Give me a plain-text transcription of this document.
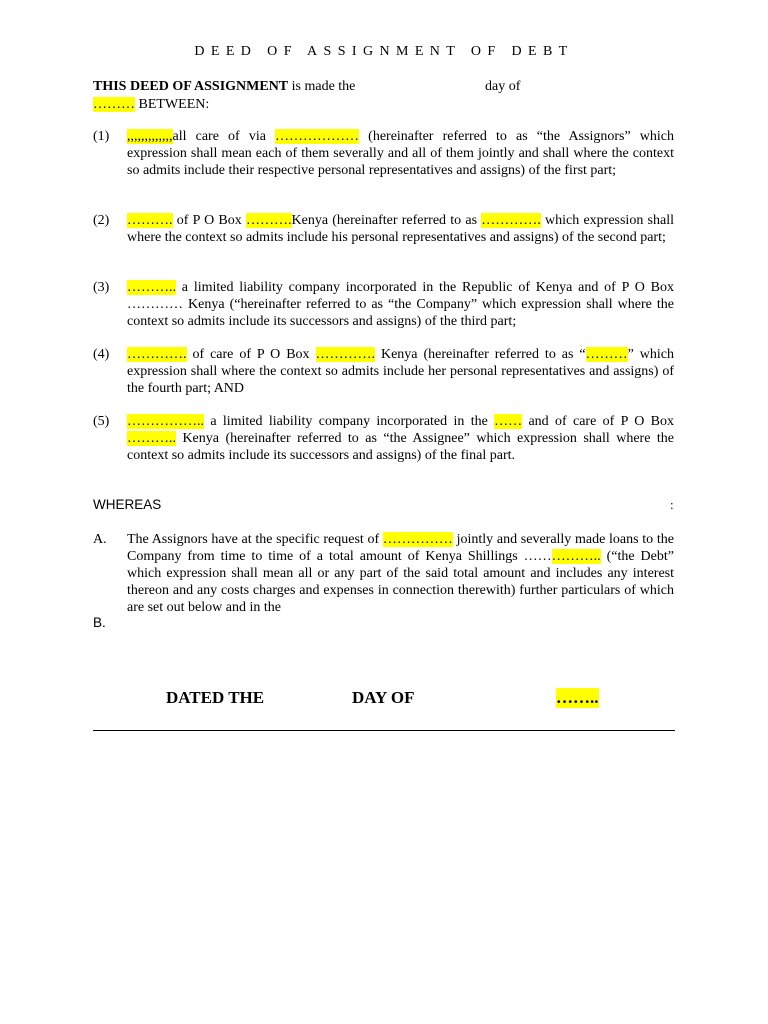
DEED OF ASSIGNMENT OF DEBT
THIS DEED OF ASSIGNMENT is made the	day of
……… BETWEEN:
(1) ,,,,,,,,,,,,,all care of via ……………… (hereinafter referred to as “the Assignors” which expression shall mean each of them severally and all of them jointly and shall where the context so admits include their respective personal representatives and assigns) of the first part;
(2) ………. of P O Box ……….Kenya (hereinafter referred to as …………. which expression shall where the context so admits include his personal representatives and assigns) of the second part;
(3) ……….. a limited liability company incorporated in the Republic of Kenya and of P O Box ………… Kenya (“hereinafter referred to as “the Company” which expression shall where the context so admits include its successors and assigns) of the third part;
(4) …………. of care of P O Box …………. Kenya (hereinafter referred to as “………” which expression shall where the context so admits include her personal representatives and assigns) of the fourth part; AND
(5) …………….. a limited liability company incorporated in the …… and of care of P O Box ……….. Kenya (hereinafter referred to as “the Assignee” which expression shall where the context so admits include its successors and assigns) of the final part.
WHEREAS	:
A. The Assignors have at the specific request of …………… jointly and severally made loans to the Company from time to time of a total amount of Kenya Shillings …………….. (“the Debt” which expression shall mean all or any part of the said total amount and includes any interest thereon and any costs charges and expenses in connection therewith) further particulars of which are set out below and in the
B.
DATED THE	DAY OF	……..
